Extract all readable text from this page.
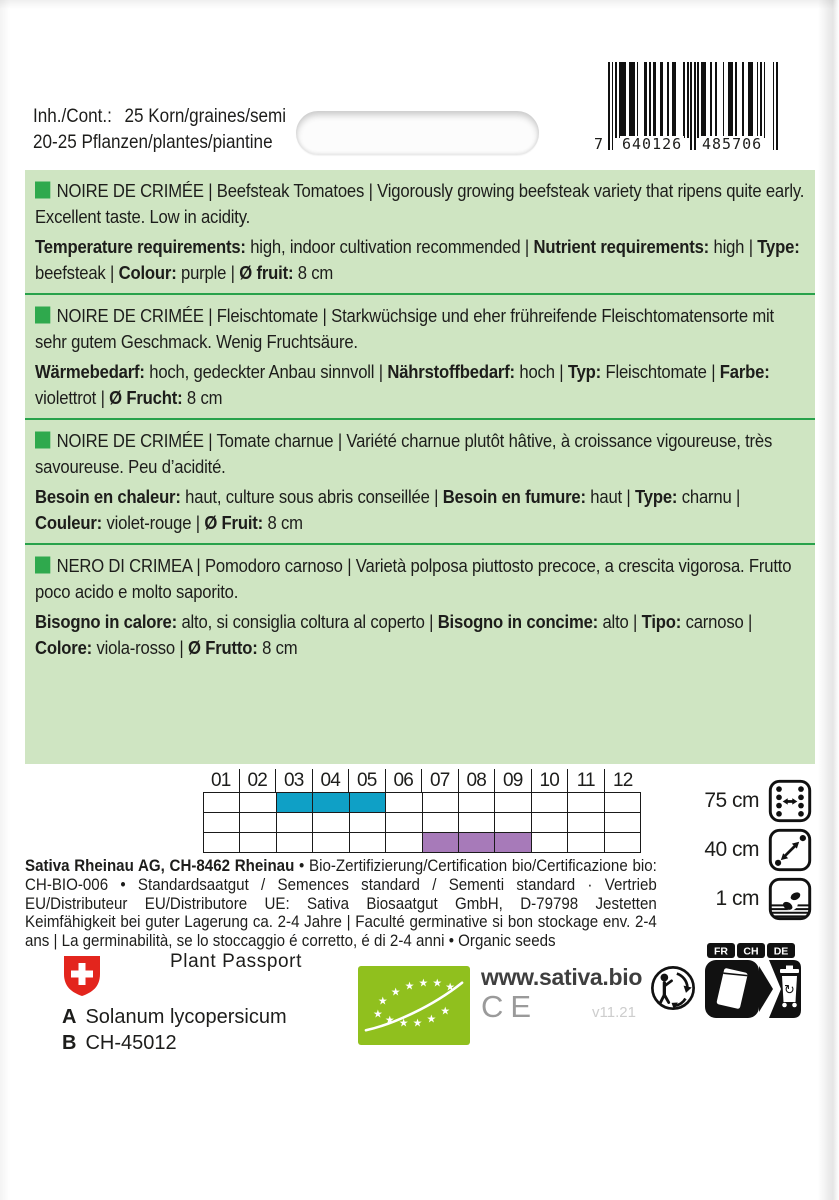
Inh./Cont.: 25 Korn/graines/semi
20-25 Pflanzen/plantes/piantine	7 640126 485706

NOIRE DE CRIMÉE | Beefsteak Tomatoes | Vigorously growing beefsteak variety that ripens quite early. Excellent taste. Low in acidity.

Temperature requirements: high, indoor cultivation recommended | Nutrient requirements: high | Type: beefsteak | Colour: purple | Ø fruit: 8 cm

NOIRE DE CRIMÉE | Fleischtomate | Starkwüchsige und eher frühreifende Fleischtomatensorte mit sehr gutem Geschmack. Wenig Fruchtsäure.

Wärmebedarf: hoch, gedeckter Anbau sinnvoll | Nährstoffbedarf: hoch | Typ: Fleischtomate | Farbe: violettrot | Ø Frucht: 8 cm

NOIRE DE CRIMÉE | Tomate charnue | Variété charnue plutôt hâtive, à croissance vigoureuse, très savoureuse. Peu d’acidité.

Besoin en chaleur: haut, culture sous abris conseillée | Besoin en fumure: haut | Type: charnu | Couleur: violet-rouge | Ø Fruit: 8 cm

NERO DI CRIMEA | Pomodoro carnoso | Varietà polposa piuttosto precoce, a crescita vigorosa. Frutto poco acido e molto saporito.

Bisogno in calore: alto, si consiglia coltura al coperto | Bisogno in concime: alto | Tipo: carnoso | Colore: viola-rosso | Ø Frutto: 8 cm

01 02 03 04 05 06 07 08 09 10 11 12
75 cm
40 cm
1 cm

Sativa Rheinau AG, CH-8462 Rheinau • Bio-Zertifizierung/Certification bio/Certificazione bio: CH-BIO-006 • Standardsaatgut / Semences standard / Sementi standard · Vertrieb EU/Distributeur EU/Distributore UE: Sativa Biosaatgut GmbH, D-79798 Jestetten Keimfähigkeit bei guter Lagerung ca. 2-4 Jahre | Faculté germinative si bon stockage env. 2-4 ans | La germinabilità, se lo stoccaggio é corretto, é di 2-4 anni • Organic seeds

Plant Passport
A Solanum lycopersicum
B CH-45012
★
★ ★ ★ ★ ★
★ ★ ★ ★ ★
★
www.sativa.bio
CE	v11.21
FR CH DE
↻
